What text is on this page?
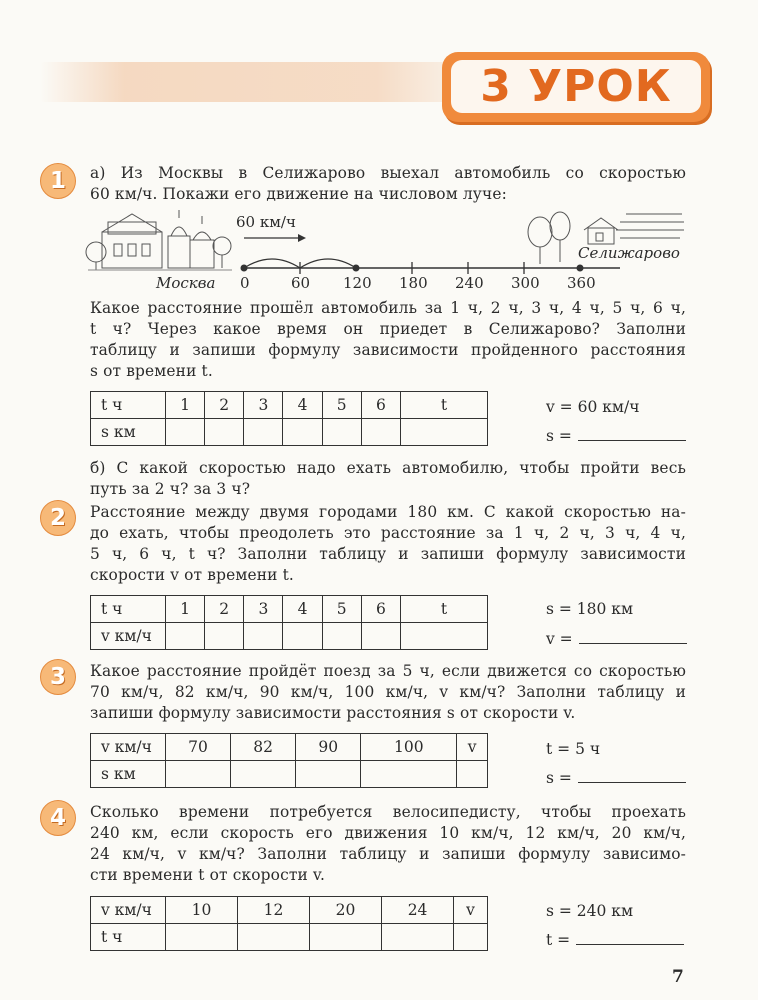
3 УРОК
1	а) Из Москвы в Селижарово выехал автомобиль со скоростью
60 км/ч. Покажи его движение на числовом луче:
60 км/ч
Москва
Селижарово
0	60 120 180 240 300 360
Какое расстояние прошёл автомобиль за 1 ч, 2 ч, 3 ч, 4 ч, 5 ч, 6 ч,
t ч? Через какое время он приедет в Селижарово? Заполни
таблицу и запиши формулу зависимости пройденного расстояния
s от времени t.
t ч	1	2	3	4	5	6	t
s км							
v = 60 км/ч
s =
б) С какой скоростью надо ехать автомобилю, чтобы пройти весь
путь за 2 ч? за 3 ч?
2	Расстояние между двумя городами 180 км. С какой скоростью на-
до ехать, чтобы преодолеть это расстояние за 1 ч, 2 ч, 3 ч, 4 ч,
5 ч, 6 ч, t ч? Заполни таблицу и запиши формулу зависимости
скорости v от времени t.
t ч	1	2	3	4	5	6	t
v км/ч							
s = 180 км
v =
3	Какое расстояние пройдёт поезд за 5 ч, если движется со скоростью
70 км/ч, 82 км/ч, 90 км/ч, 100 км/ч, v км/ч? Заполни таблицу и
запиши формулу зависимости расстояния s от скорости v.
v км/ч	70	82	90	100	v
s км					
t = 5 ч
s =
4	Сколько времени потребуется велосипедисту, чтобы проехать
240 км, если скорость его движения 10 км/ч, 12 км/ч, 20 км/ч,
24 км/ч, v км/ч? Заполни таблицу и запиши формулу зависимо-
сти времени t от скорости v.
v км/ч	10	12	20	24	v
t ч					
s = 240 км
t =
7
